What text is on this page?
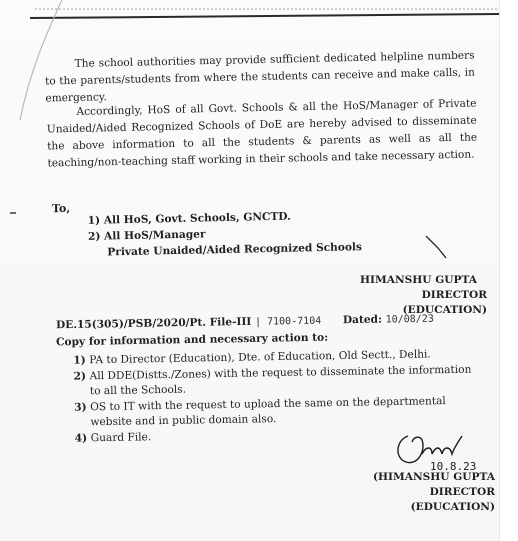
The school authorities may provide sufficient dedicated helpline numbers to the parents/students from where the students can receive and make calls, in emergency.
Accordingly, HoS of all Govt. Schools & all the HoS/Manager of Private Unaided/Aided Recognized Schools of DoE are hereby advised to disseminate the above information to all the students & parents as well as all the teaching/non-teaching staff working in their schools and take necessary action.
To,
1) All HoS, Govt. Schools, GNCTD.
2) All HoS/Manager
Private Unaided/Aided Recognized Schools
HIMANSHU GUPTA
DIRECTOR (EDUCATION)
DE.15(305)/PSB/2020/Pt. File-III | 7100-7104 Dated: 10/08/23
Copy for information and necessary action to:
1) PA to Director (Education), Dte. of Education, Old Sectt., Delhi.
2) All DDE(Distts./Zones) with the request to disseminate the information to all the Schools.
3) OS to IT with the request to upload the same on the departmental website and in public domain also.
4) Guard File.
10.8.23
(HIMANSHU GUPTA
DIRECTOR (EDUCATION)
